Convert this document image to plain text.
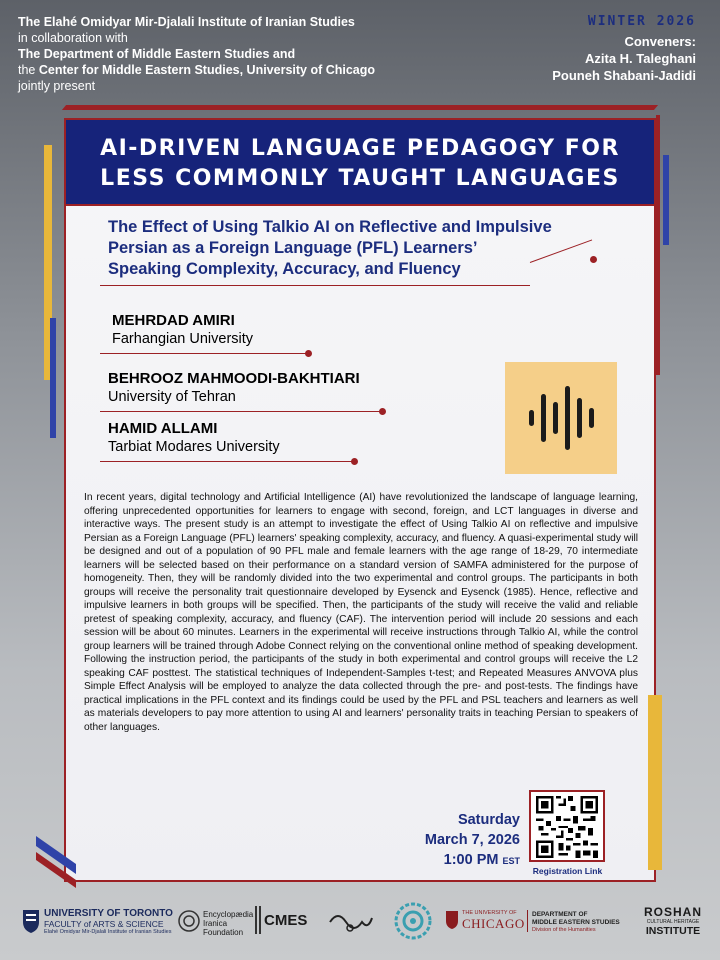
The Elahé Omidyar Mir-Djalali Institute of Iranian Studies
in collaboration with
The Department of Middle Eastern Studies and
the Center for Middle Eastern Studies, University of Chicago
jointly present
WINTER 2026
Conveners:
Azita H. Taleghani
Pouneh Shabani-Jadidi
AI-DRIVEN LANGUAGE PEDAGOGY FOR
LESS COMMONLY TAUGHT LANGUAGES
The Effect of Using Talkio AI on Reflective and Impulsive
Persian as a Foreign Language (PFL) Learners’
Speaking Complexity, Accuracy, and Fluency
MEHRDAD AMIRI
Farhangian University
BEHROOZ MAHMOODI-BAKHTIARI
University of Tehran
HAMID ALLAMI
Tarbiat Modares University
In recent years, digital technology and Artificial Intelligence (AI) have revolutionized the landscape of language learning, offering unprecedented opportunities for learners to engage with second, foreign, and LCT languages in diverse and interactive ways. The present study is an attempt to investigate the effect of Using Talkio AI on reflective and impulsive Persian as a Foreign Language (PFL) learners' speaking complexity, accuracy, and fluency. A quasi-experimental study will be designed and out of a population of 90 PFL male and female learners with the age range of 18-29, 70 intermediate learners will be selected based on their performance on a standard version of SAMFA administered for the purpose of homogeneity. Then, they will be randomly divided into the two experimental and control groups. The participants in both groups will receive the personality trait questionnaire developed by Eysenck and Eysenck (1985). Hence, reflective and impulsive learners in both groups will be specified. Then, the participants of the study will receive the valid and reliable pretest of speaking complexity, accuracy, and fluency (CAF). The intervention period will include 20 sessions and each session will be about 60 minutes. Learners in the experimental will receive instructions through Talkio AI, while the control group learners will be trained through Adobe Connect relying on the conventional online method of speaking development. Following the instruction period, the participants of the study in both experimental and control groups will receive the L2 speaking CAF posttest. The statistical techniques of Independent-Samples t-test; and Repeated Measures ANVOVA plus Simple Effect Analysis will be employed to analyze the data collected through the pre- and post-tests. The findings have practical implications in the PFL context and its findings could be used by the PFL and PSL teachers and learners as well as materials developers to pay more attention to using AI and learners' personality traits in teaching Persian to speakers of other languages.
Saturday
March 7, 2026
1:00 PM EST
Registration Link
UNIVERSITY OF TORONTO
FACULTY of ARTS & SCIENCE
Elahé Omidyar Mir-Djalali Institute of Iranian Studies
Encyclopædia
Iranica
Foundation
CMES	THE UNIVERSITY OF
CHICAGO
DEPARTMENT OF
MIDDLE EASTERN STUDIES
Division of the Humanities
ROSHAN
CULTURAL HERITAGE
INSTITUTE
